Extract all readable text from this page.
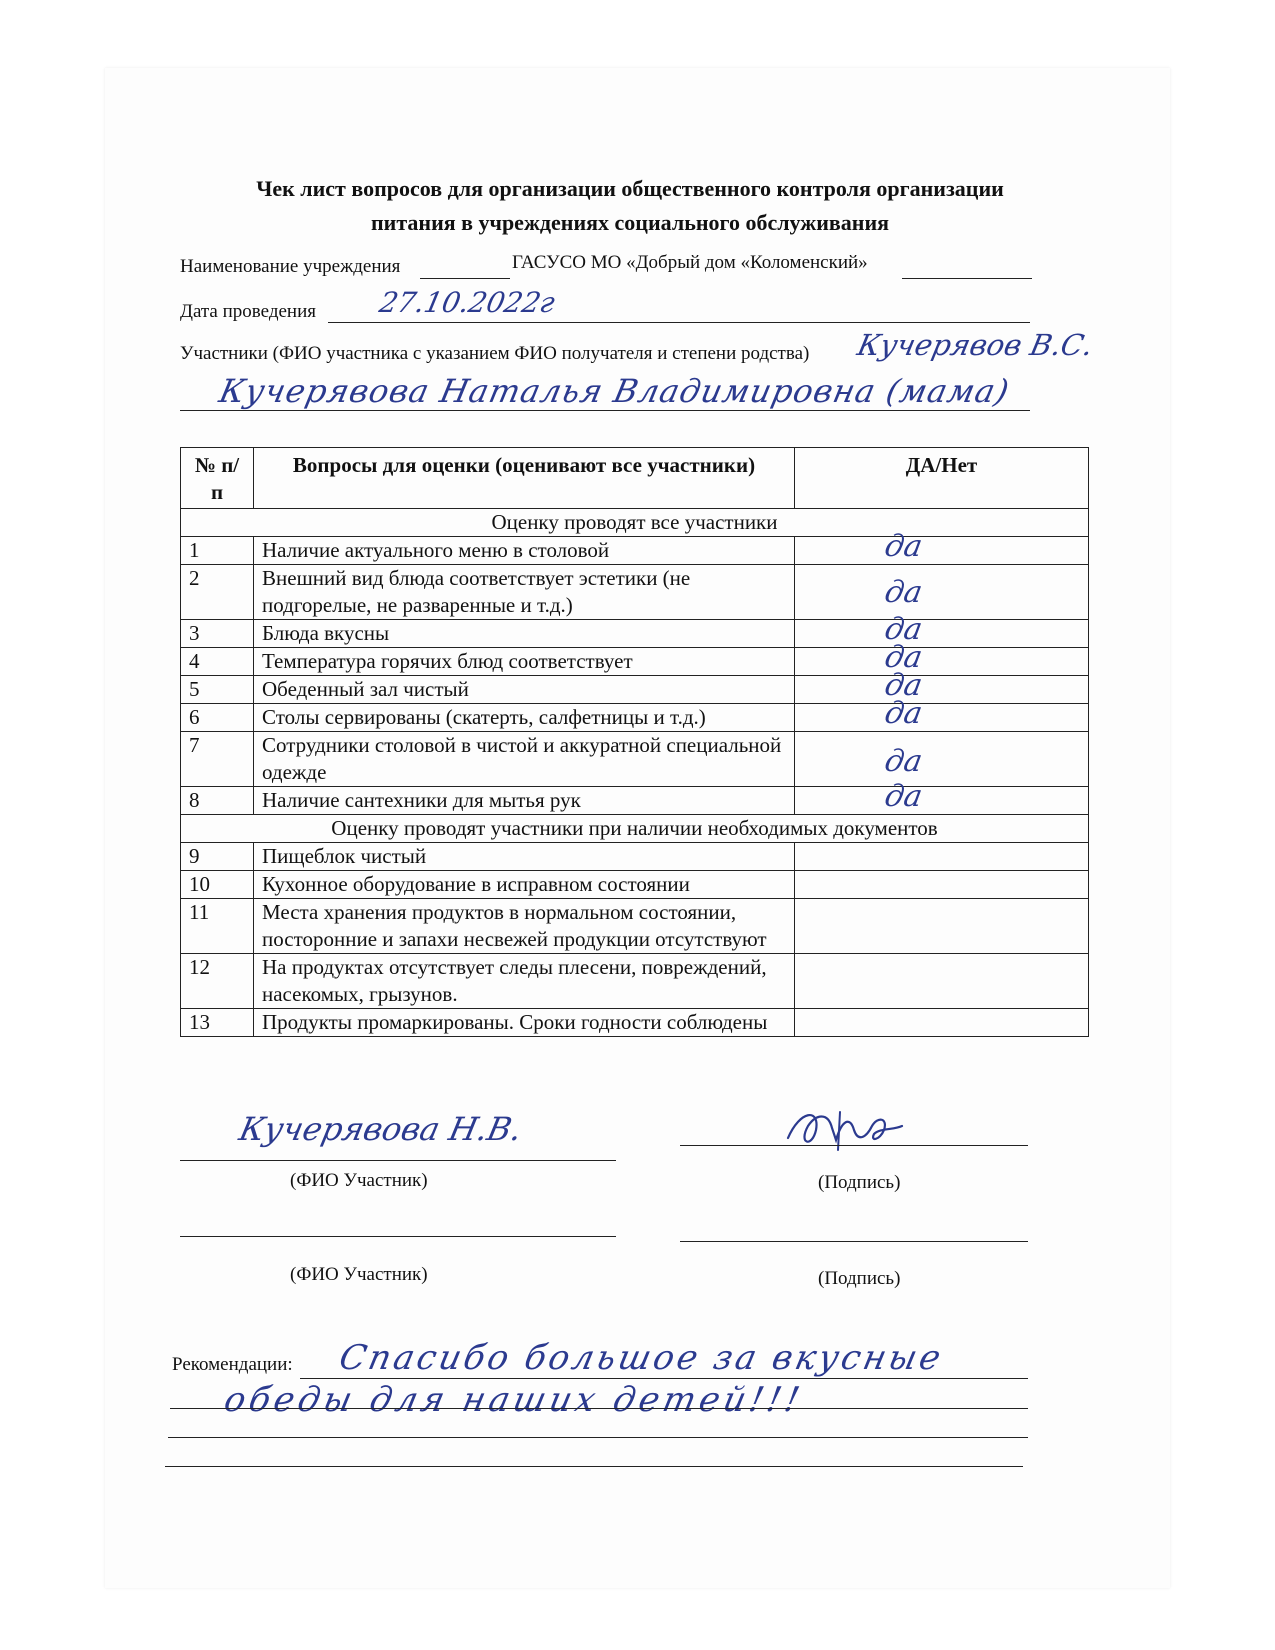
Чек лист вопросов для организации общественного контроля организации
питания в учреждениях социального обслуживания
Наименование учреждения	ГАСУСО МО «Добрый дом «Коломенский»
Дата проведения 27.10.2022г
Участники (ФИО участника с указанием ФИО получателя и степени родства) Кучерявов В.С.
Кучерявова Наталья Владимировна (мама)
№ п/п	Вопросы для оценки (оценивают все участники)	ДА/Нет
Оценку проводят все участники		
1	Наличие актуального меню в столовой	да

2	Внешний вид блюда соответствует эстетики (не подгорелые, не разваренные и т.д.)	да

3	Блюда вкусны	да

4	Температура горячих блюд соответствует	да

5	Обеденный зал чистый	да

6	Столы сервированы (скатерть, салфетницы и т.д.)	да

7	Сотрудники столовой в чистой и аккуратной специальной одежде	да

8	Наличие сантехники для мытья рук	да

Оценку проводят участники при наличии необходимых документов		
9	Пищеблок чистый	

10	Кухонное оборудование в исправном состоянии	

11	Места хранения продуктов в нормальном состоянии, посторонние и запахи несвежей продукции отсутствуют	

12	На продуктах отсутствует следы плесени, повреждений, насекомых, грызунов.	

13	Продукты промаркированы. Сроки годности соблюдены	
Кучерявова Н.В.
(ФИО Участник)	(Подпись)
(ФИО Участник)	(Подпись)
Рекомендации: Спасибо большое за вкусные
обеды для наших детей!!!
